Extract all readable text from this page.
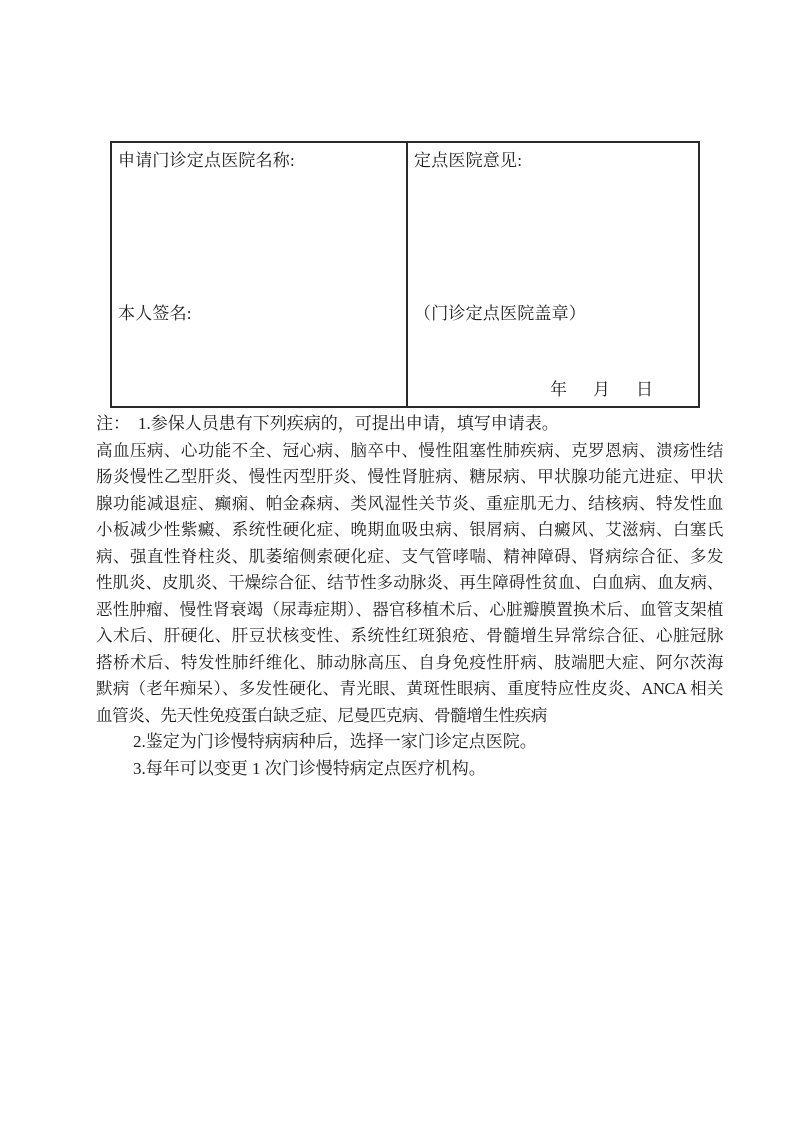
申请门诊定点医院名称:
本人签名:
定点医院意见:
（门诊定点医院盖章）
年 月 日
注： 1.参保人员患有下列疾病的，可提出申请，填写申请表。
高血压病、心功能不全、冠心病、脑卒中、慢性阻塞性肺疾病、克罗恩病、溃疡性结
肠炎慢性乙型肝炎、慢性丙型肝炎、慢性肾脏病、糖尿病、甲状腺功能亢进症、甲状
腺功能减退症、癫痫、帕金森病、类风湿性关节炎、重症肌无力、结核病、特发性血
小板减少性紫癜、系统性硬化症、晚期血吸虫病、银屑病、白癜风、艾滋病、白塞氏
病、强直性脊柱炎、肌萎缩侧索硬化症、支气管哮喘、精神障碍、肾病综合征、多发
性肌炎、皮肌炎、干燥综合征、结节性多动脉炎、再生障碍性贫血、白血病、血友病、
恶性肿瘤、慢性肾衰竭（尿毒症期）、器官移植术后、心脏瓣膜置换术后、血管支架植
入术后、肝硬化、肝豆状核变性、系统性红斑狼疮、骨髓增生异常综合征、心脏冠脉
搭桥术后、特发性肺纤维化、肺动脉高压、自身免疫性肝病、肢端肥大症、阿尔茨海
默病（老年痴呆）、多发性硬化、青光眼、黄斑性眼病、重度特应性皮炎、ANCA 相关
血管炎、先天性免疫蛋白缺乏症、尼曼匹克病、骨髓增生性疾病
2.鉴定为门诊慢特病病种后，选择一家门诊定点医院。
3.每年可以变更 1 次门诊慢特病定点医疗机构。
